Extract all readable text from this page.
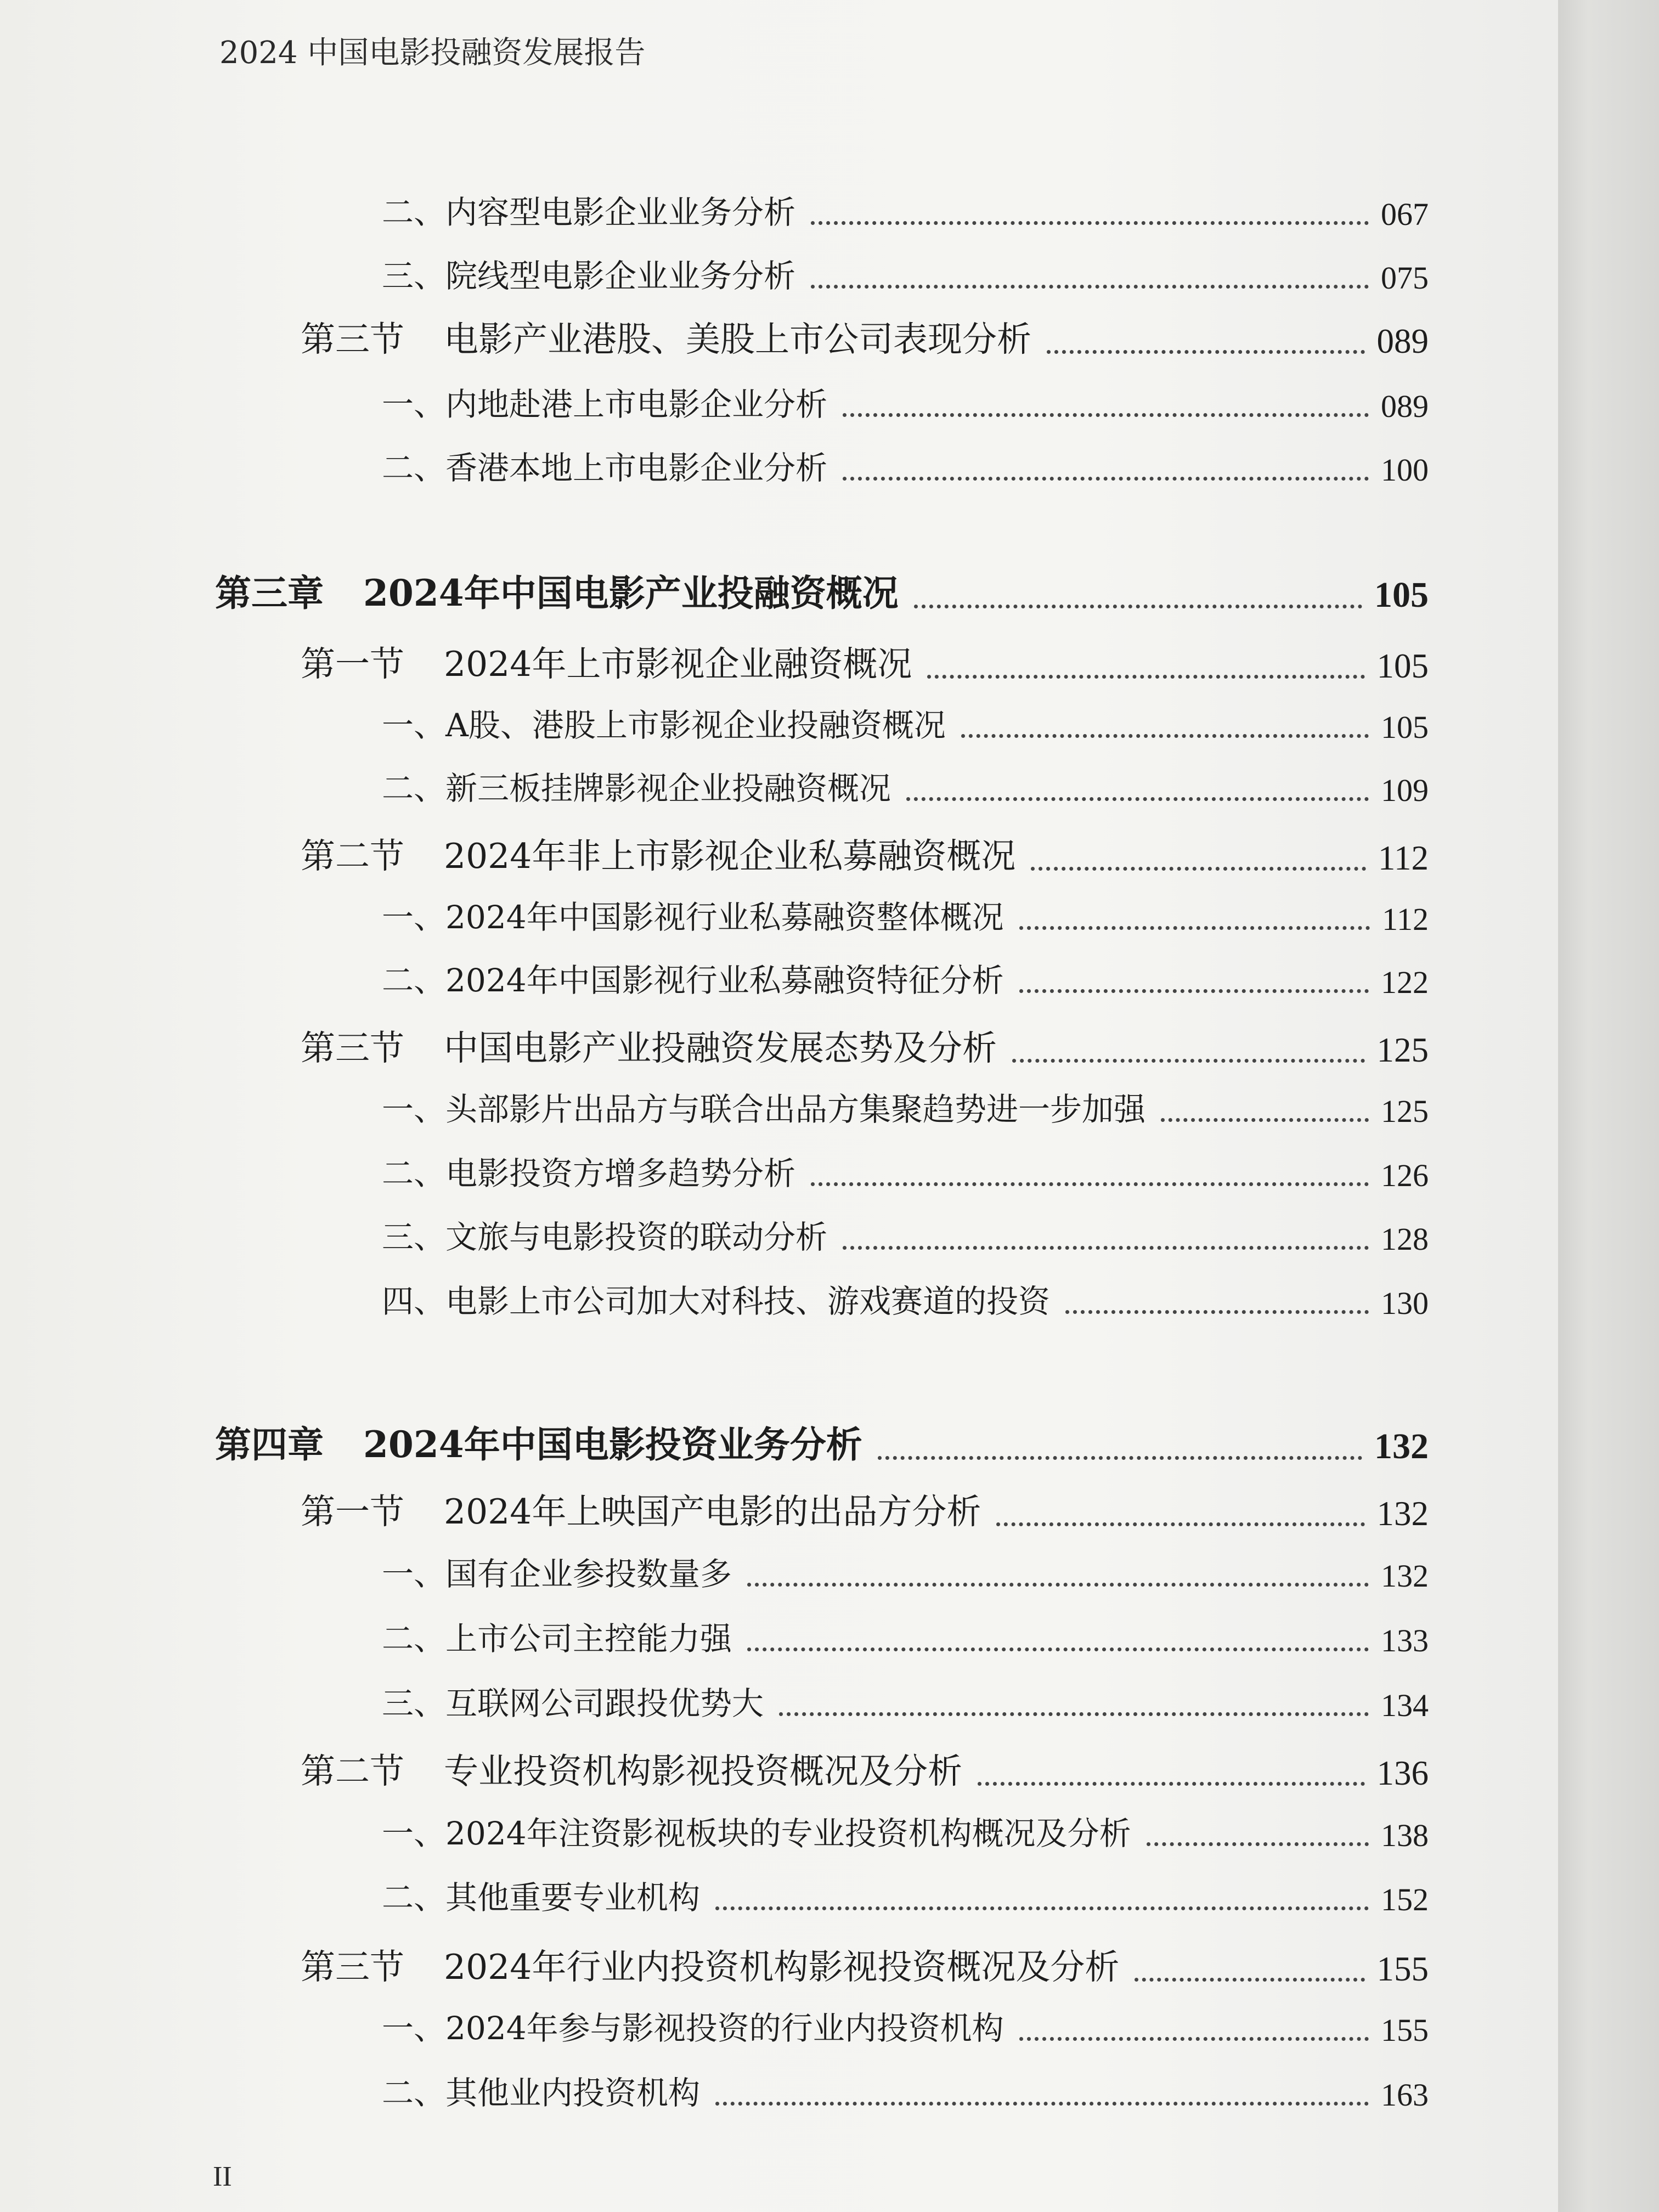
2024 中国电影投融资发展报告
二、内容型电影企业业务分析	067
三、院线型电影企业业务分析	075
第三节 电影产业港股、美股上市公司表现分析	089
一、内地赴港上市电影企业分析	089
二、香港本地上市电影企业分析	100
第三章 2024年中国电影产业投融资概况	105
第一节 2024年上市影视企业融资概况	105
一、A股、港股上市影视企业投融资概况	105
二、新三板挂牌影视企业投融资概况	109
第二节 2024年非上市影视企业私募融资概况	112
一、2024年中国影视行业私募融资整体概况	112
二、2024年中国影视行业私募融资特征分析	122
第三节 中国电影产业投融资发展态势及分析	125
一、头部影片出品方与联合出品方集聚趋势进一步加强	125
二、电影投资方增多趋势分析	126
三、文旅与电影投资的联动分析	128
四、电影上市公司加大对科技、游戏赛道的投资	130
第四章 2024年中国电影投资业务分析	132
第一节 2024年上映国产电影的出品方分析	132
一、国有企业参投数量多	132
二、上市公司主控能力强	133
三、互联网公司跟投优势大	134
第二节 专业投资机构影视投资概况及分析	136
一、2024年注资影视板块的专业投资机构概况及分析	138
二、其他重要专业机构	152
第三节 2024年行业内投资机构影视投资概况及分析	155
一、2024年参与影视投资的行业内投资机构	155
二、其他业内投资机构	163
II
